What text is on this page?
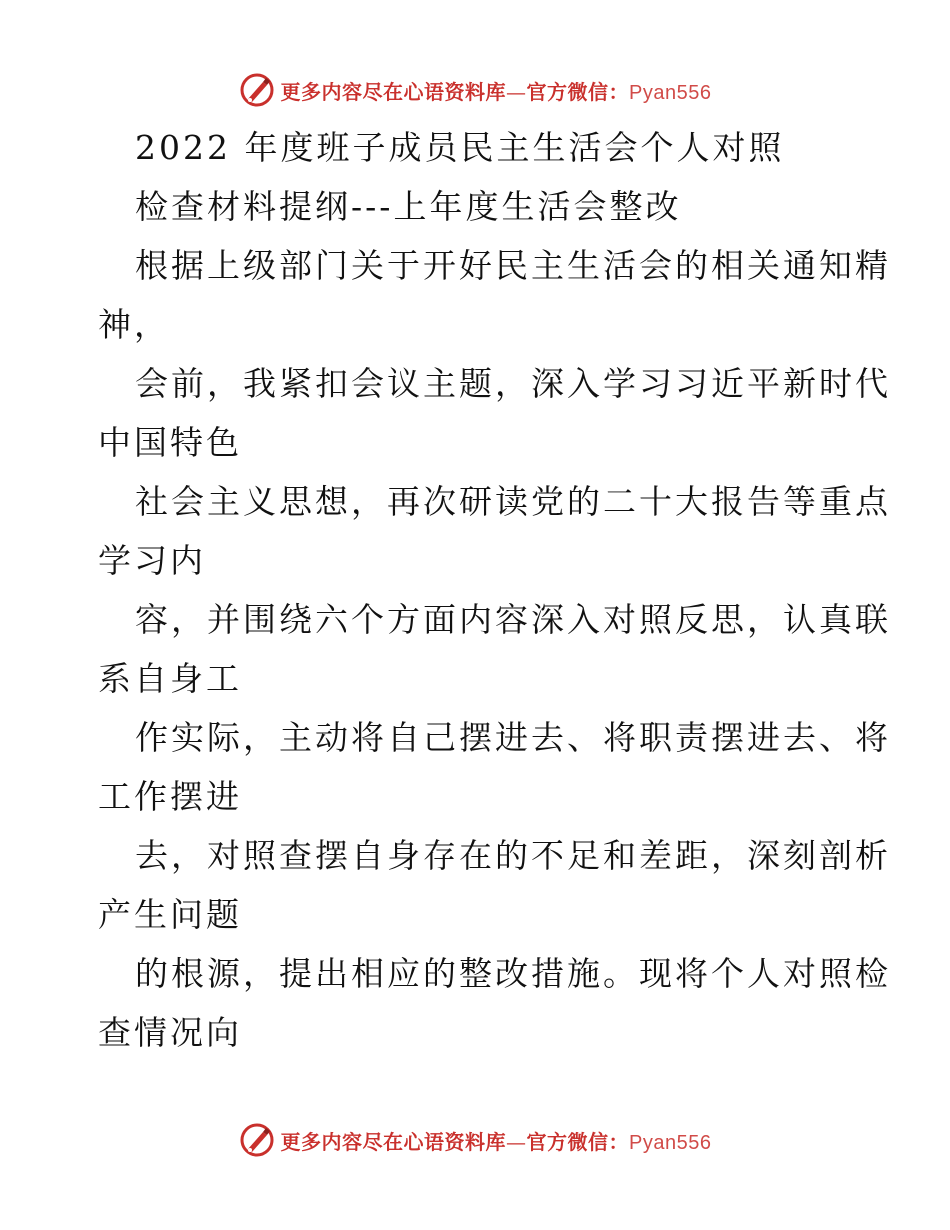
更多内容尽在心语资料库—官方微信：Pyan556
2022 年度班子成员民主生活会个人对照
检查材料提纲---上年度生活会整改
根据上级部门关于开好民主生活会的相关通知精
神，
会前，我紧扣会议主题，深入学习习近平新时代
中国特色
社会主义思想，再次研读党的二十大报告等重点
学习内
容，并围绕六个方面内容深入对照反思，认真联
系自身工
作实际，主动将自己摆进去、将职责摆进去、将
工作摆进
去，对照查摆自身存在的不足和差距，深刻剖析
产生问题
的根源，提出相应的整改措施。现将个人对照检
查情况向
更多内容尽在心语资料库—官方微信：Pyan556
